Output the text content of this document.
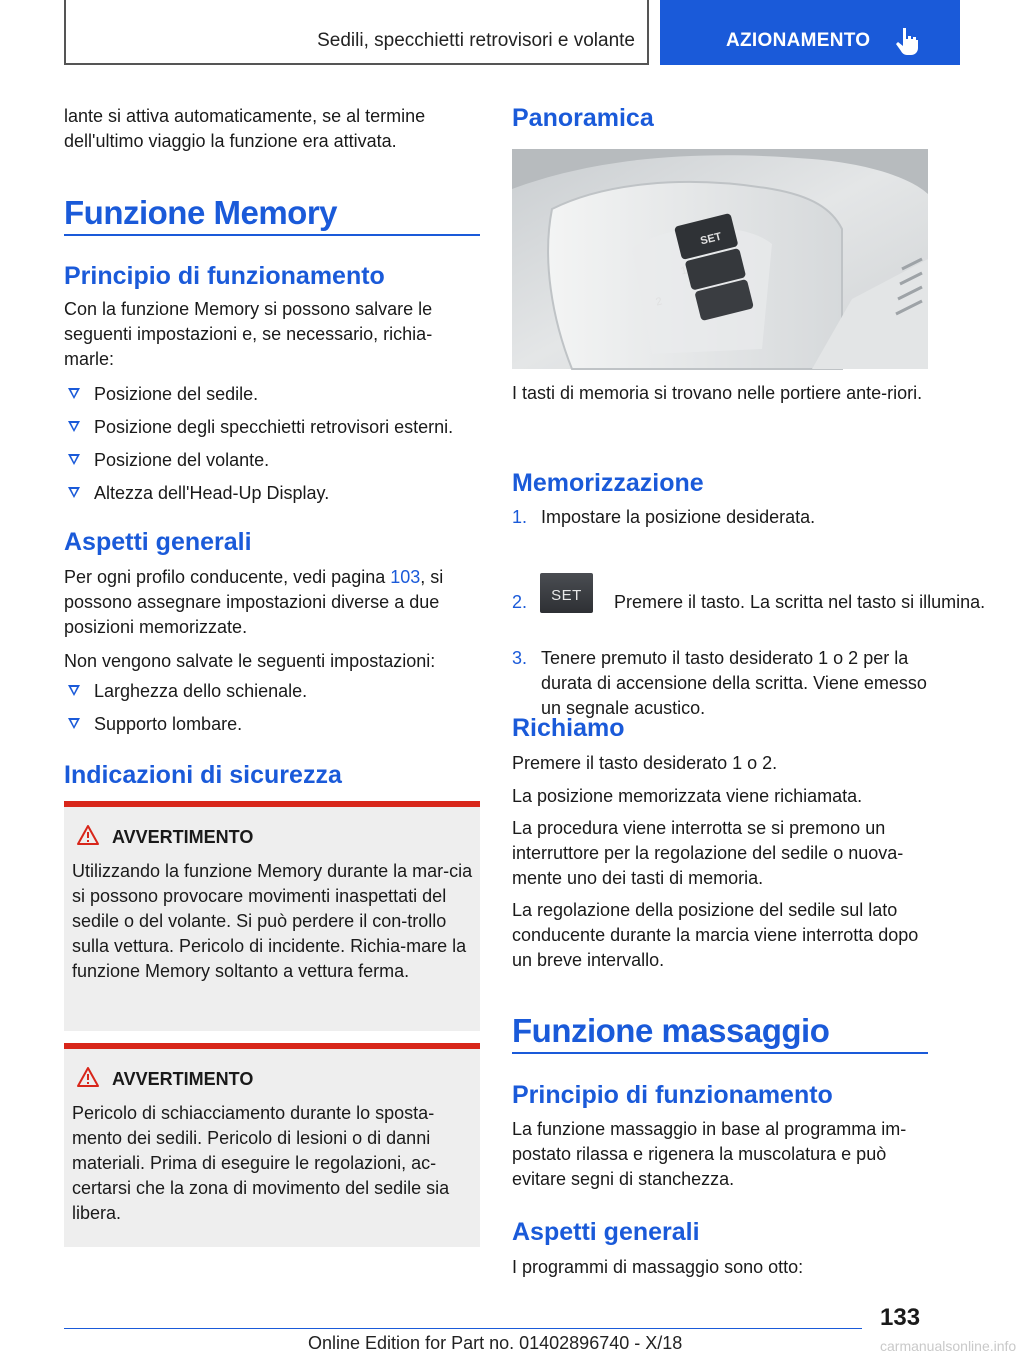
Sedili, specchietti retrovisori e volante	AZIONAMENTO

lante si attiva automaticamente, se al termine dell'ultimo viaggio la funzione era attivata.

Funzione Memory
Principio di funzionamento

Con la funzione Memory si possono salvare le seguenti impostazioni e, se necessario, richia-marle:

Posizione del sedile.
Posizione degli specchietti retrovisori esterni.
Posizione del volante.
Altezza dell'Head-Up Display.
Aspetti generali

Per ogni profilo conducente, vedi pagina 103, si possono assegnare impostazioni diverse a due posizioni memorizzate.

Non vengono salvate le seguenti impostazioni:

Larghezza dello schienale.
Supporto lombare.
Indicazioni di sicurezza
AVVERTIMENTO

Utilizzando la funzione Memory durante la mar-cia si possono provocare movimenti inaspettati del sedile o del volante. Si può perdere il con-trollo sulla vettura. Pericolo di incidente. Richia-mare la funzione Memory soltanto a vettura ferma.

AVVERTIMENTO

Pericolo di schiacciamento durante lo sposta-mento dei sedili. Pericolo di lesioni o di danni materiali. Prima di eseguire le regolazioni, ac-certarsi che la zona di movimento del sedile sia libera.

Panoramica

I tasti di memoria si trovano nelle portiere ante-riori.

Memorizzazione
1. Impostare la posizione desiderata.
2.	SET	Premere il tasto. La scritta nel tasto si illumina.
3. Tenere premuto il tasto desiderato 1 o 2 per la durata di accensione della scritta. Viene emesso un segnale acustico.
Richiamo

Premere il tasto desiderato 1 o 2.

La posizione memorizzata viene richiamata.

La procedura viene interrotta se si premono un interruttore per la regolazione del sedile o nuova-mente uno dei tasti di memoria.

La regolazione della posizione del sedile sul lato conducente durante la marcia viene interrotta dopo un breve intervallo.

Funzione massaggio
Principio di funzionamento

La funzione massaggio in base al programma im-postato rilassa e rigenera la muscolatura e può evitare segni di stanchezza.

Aspetti generali

I programmi di massaggio sono otto:

SET
1
2
133
Online Edition for Part no. 01402896740 - X/18	carmanualsonline.info
